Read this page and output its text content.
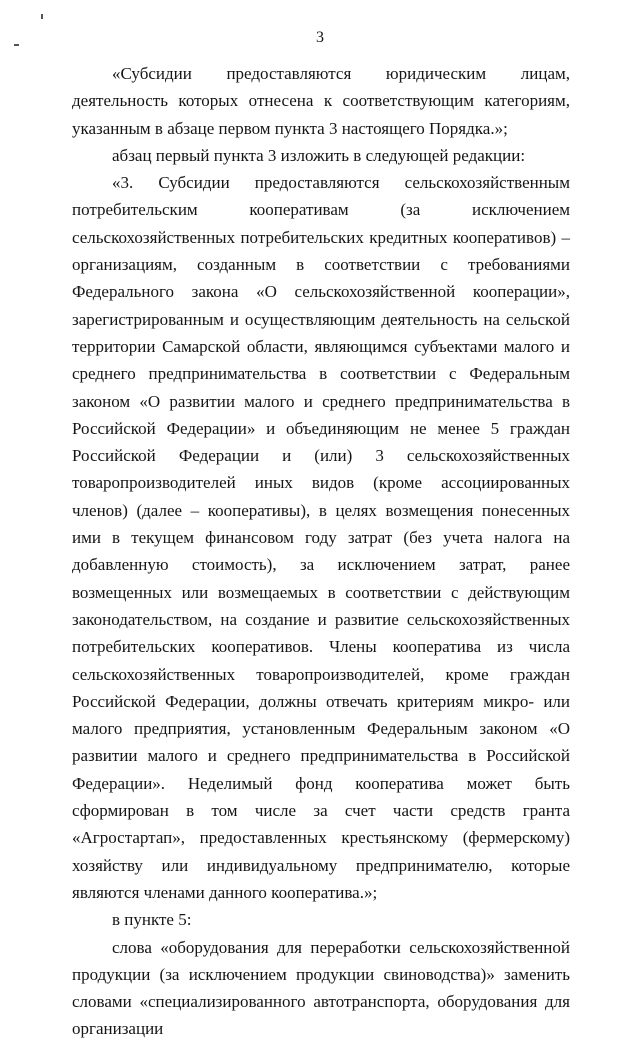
3

«Субсидии предоставляются юридическим лицам, деятельность которых отнесена к соответствующим категориям, указанным в абзаце первом пункта 3 настоящего Порядка.»;

абзац первый пункта 3 изложить в следующей редакции:

«3. Субсидии предоставляются сельскохозяйственным потребительским кооперативам (за исключением сельскохозяйственных потребительских кредитных кооперативов) – организациям, созданным в соответствии с требованиями Федерального закона «О сельскохозяйственной кооперации», зарегистрированным и осуществляющим деятельность на сельской территории Самарской области, являющимся субъектами малого и среднего предпринимательства в соответствии с Федеральным законом «О развитии малого и среднего предпринимательства в Российской Федерации» и объединяющим не менее 5 граждан Российской Федерации и (или) 3 сельскохозяйственных товаропроизводителей иных видов (кроме ассоциированных членов) (далее – кооперативы), в целях возмещения понесенных ими в текущем финансовом году затрат (без учета налога на добавленную стоимость), за исключением затрат, ранее возмещенных или возмещаемых в соответствии с действующим законодательством, на создание и развитие сельскохозяйственных потребительских кооперативов. Члены кооператива из числа сельскохозяйственных товаропроизводителей, кроме граждан Российской Федерации, должны отвечать критериям микро- или малого предприятия, установленным Федеральным законом «О развитии малого и среднего предпринимательства в Российской Федерации». Неделимый фонд кооператива может быть сформирован в том числе за счет части средств гранта «Агростартап», предоставленных крестьянскому (фермерскому) хозяйству или индивидуальному предпринимателю, которые являются членами данного кооператива.»;

в пункте 5:

слова «оборудования для переработки сельскохозяйственной продукции (за исключением продукции свиноводства)» заменить словами «специализированного автотранспорта, оборудования для организации
